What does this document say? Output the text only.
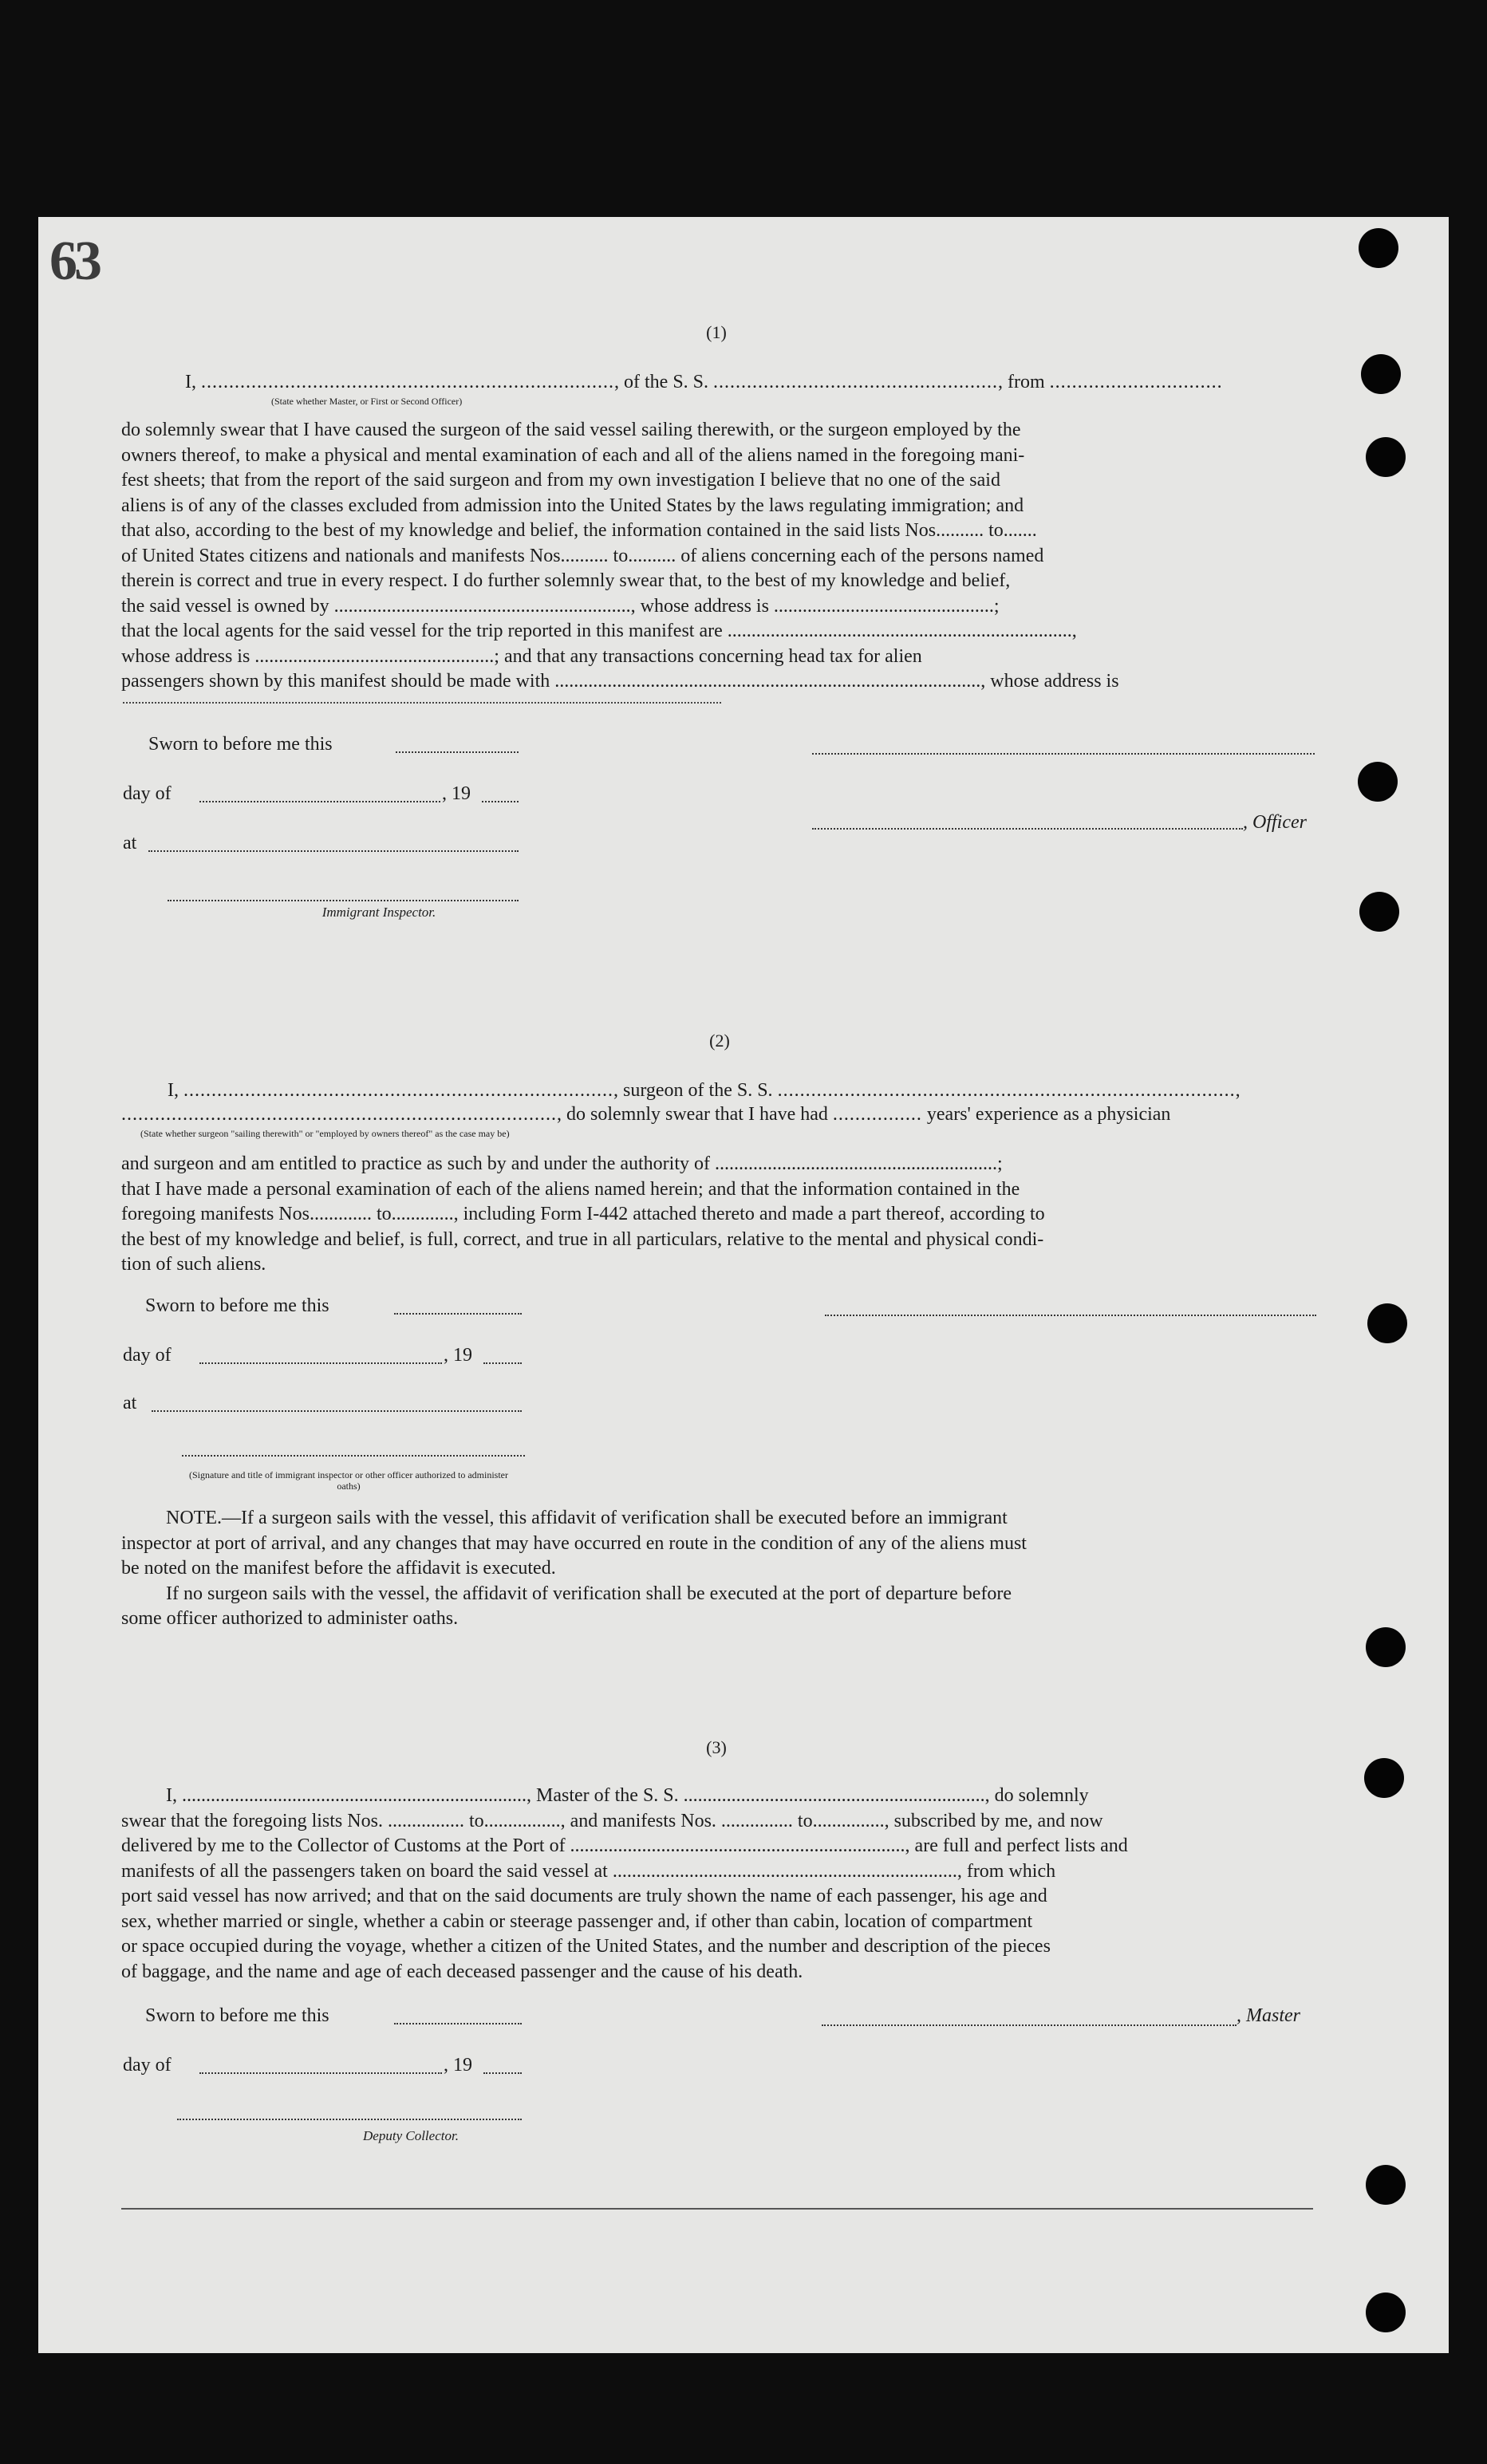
63
(1)
I, .........................................................................., of the S. S. ..................................................., from ...............................
(State whether Master, or First or Second Officer)
do solemnly swear that I have caused the surgeon of the said vessel sailing therewith, or the surgeon employed by the
owners thereof, to make a physical and mental examination of each and all of the aliens named in the foregoing mani-
fest sheets; that from the report of the said surgeon and from my own investigation I believe that no one of the said
aliens is of any of the classes excluded from admission into the United States by the laws regulating immigration; and
that also, according to the best of my knowledge and belief, the information contained in the said lists Nos.......... to.......
of United States citizens and nationals and manifests Nos.......... to.......... of aliens concerning each of the persons named
therein is correct and true in every respect. I do further solemnly swear that, to the best of my knowledge and belief,
the said vessel is owned by .............................................................., whose address is ..............................................;
that the local agents for the said vessel for the trip reported in this manifest are ........................................................................,
whose address is ..................................................; and that any transactions concerning head tax for alien
passengers shown by this manifest should be made with ........................................................................................., whose address is
Sworn to before me this
day of	, 19
, Officer
at
Immigrant Inspector.
(2)
I, ............................................................................., surgeon of the S. S. ..................................................................................,
.............................................................................., do solemnly swear that I have had ................ years' experience as a physician
(State whether surgeon "sailing therewith" or "employed by owners thereof" as the case may be)
and surgeon and am entitled to practice as such by and under the authority of ...........................................................;
that I have made a personal examination of each of the aliens named herein; and that the information contained in the
foregoing manifests Nos............. to............., including Form I-442 attached thereto and made a part thereof, according to
the best of my knowledge and belief, is full, correct, and true in all particulars, relative to the mental and physical condi-
tion of such aliens.
Sworn to before me this
day of	, 19
at
(Signature and title of immigrant inspector or other officer authorized to administer oaths)
NOTE.—If a surgeon sails with the vessel, this affidavit of verification shall be executed before an immigrant
inspector at port of arrival, and any changes that may have occurred en route in the condition of any of the aliens must
be noted on the manifest before the affidavit is executed.
If no surgeon sails with the vessel, the affidavit of verification shall be executed at the port of departure before
some officer authorized to administer oaths.
(3)
I, ........................................................................, Master of the S. S. ..............................................................., do solemnly
swear that the foregoing lists Nos. ................ to................, and manifests Nos. ............... to..............., subscribed by me, and now
delivered by me to the Collector of Customs at the Port of ......................................................................, are full and perfect lists and
manifests of all the passengers taken on board the said vessel at ........................................................................, from which
port said vessel has now arrived; and that on the said documents are truly shown the name of each passenger, his age and
sex, whether married or single, whether a cabin or steerage passenger and, if other than cabin, location of compartment
or space occupied during the voyage, whether a citizen of the United States, and the number and description of the pieces
of baggage, and the name and age of each deceased passenger and the cause of his death.
Sworn to before me this	, Master
day of	, 19
Deputy Collector.
